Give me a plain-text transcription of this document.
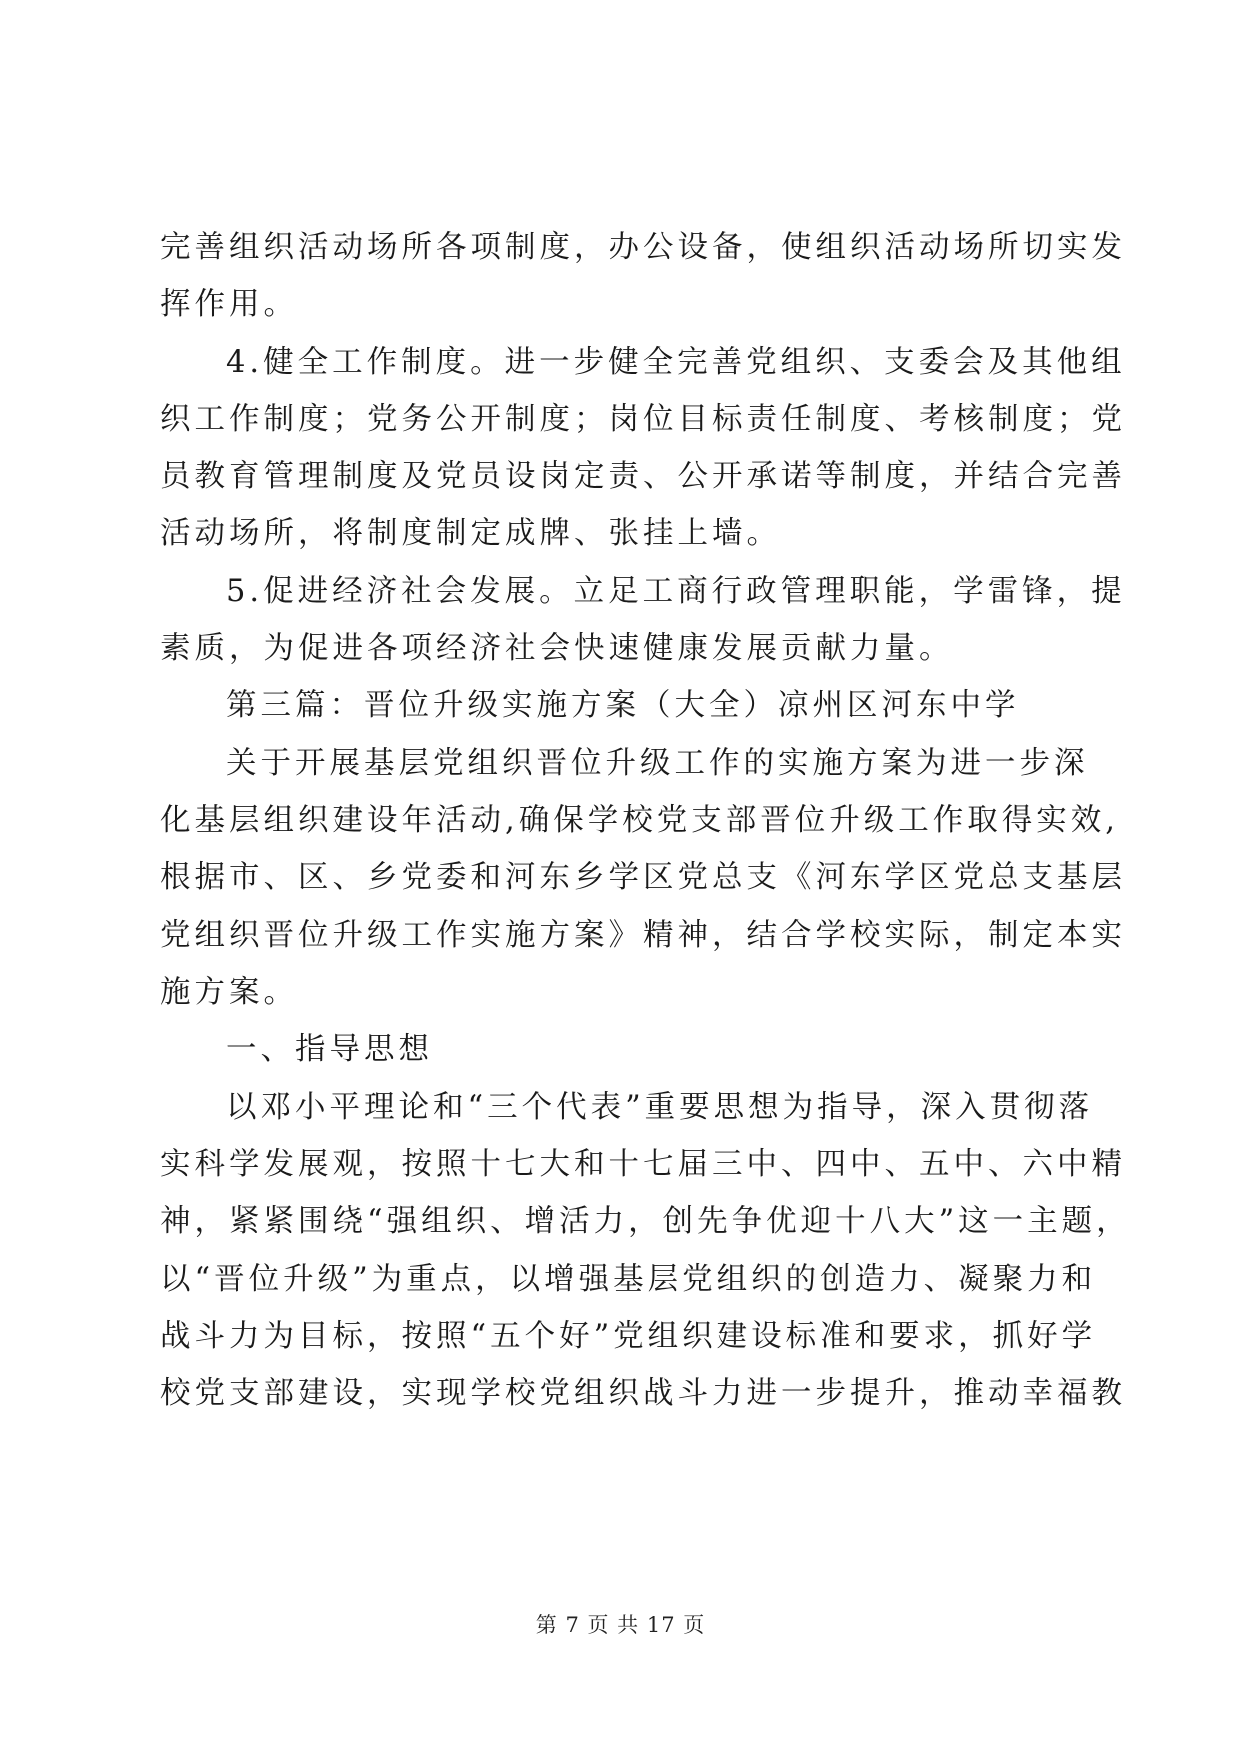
完善组织活动场所各项制度，办公设备，使组织活动场所切实发
挥作用。
4.健全工作制度。进一步健全完善党组织、支委会及其他组
织工作制度；党务公开制度；岗位目标责任制度、考核制度；党
员教育管理制度及党员设岗定责、公开承诺等制度，并结合完善
活动场所，将制度制定成牌、张挂上墙。
5.促进经济社会发展。立足工商行政管理职能，学雷锋，提
素质，为促进各项经济社会快速健康发展贡献力量。
第三篇：晋位升级实施方案（大全）凉州区河东中学
关于开展基层党组织晋位升级工作的实施方案为进一步深
化基层组织建设年活动,确保学校党支部晋位升级工作取得实效,
根据市、区、乡党委和河东乡学区党总支《河东学区党总支基层
党组织晋位升级工作实施方案》精神，结合学校实际，制定本实
施方案。
一、指导思想
以邓小平理论和“三个代表”重要思想为指导，深入贯彻落
实科学发展观，按照十七大和十七届三中、四中、五中、六中精
神，紧紧围绕“强组织、增活力，创先争优迎十八大”这一主题，
以“晋位升级”为重点，以增强基层党组织的创造力、凝聚力和
战斗力为目标，按照“五个好”党组织建设标准和要求，抓好学
校党支部建设，实现学校党组织战斗力进一步提升，推动幸福教
第 7 页 共 17 页
